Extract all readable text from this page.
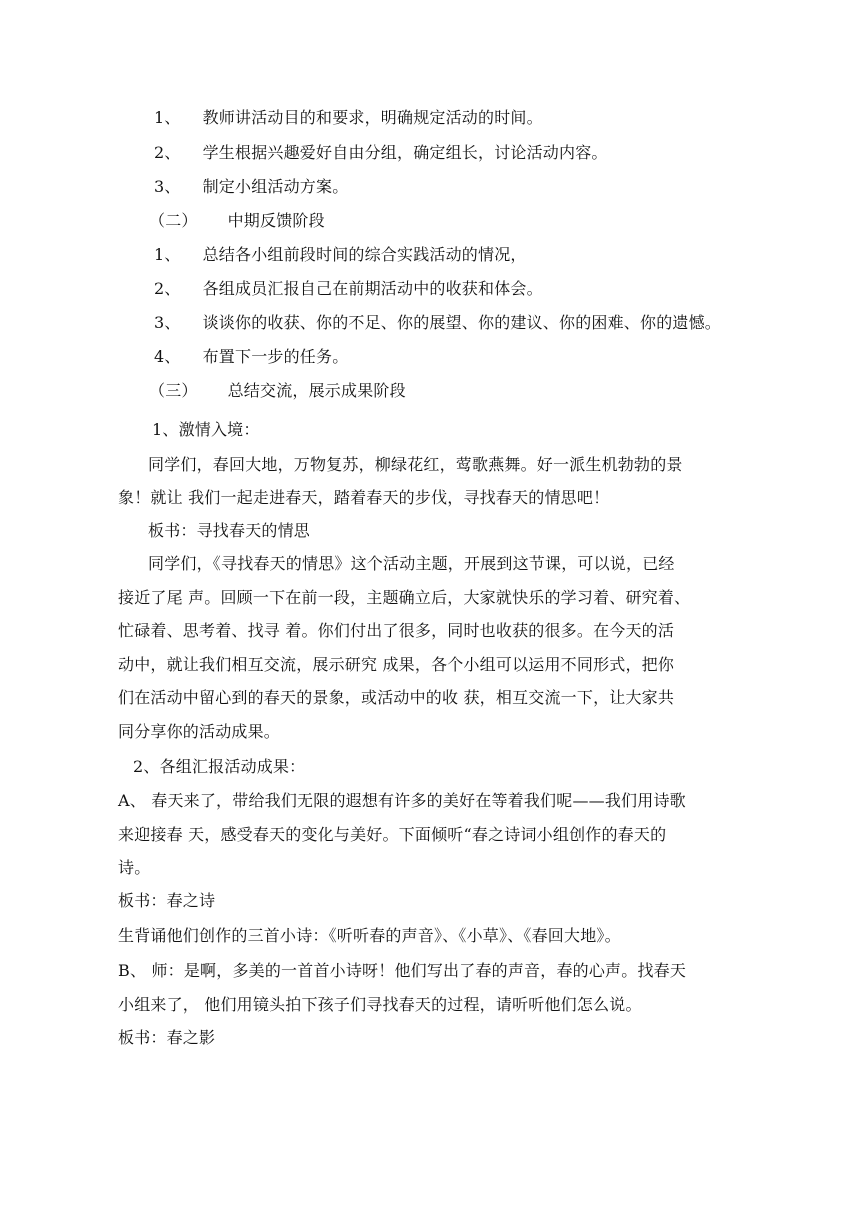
1、 教师讲活动目的和要求，明确规定活动的时间。
2、 学生根据兴趣爱好自由分组，确定组长，讨论活动内容。
3、 制定小组活动方案。
（二） 中期反馈阶段
1、 总结各小组前段时间的综合实践活动的情况，
2、 各组成员汇报自己在前期活动中的收获和体会。
3、 谈谈你的收获、你的不足、你的展望、你的建议、你的困难、你的遗憾。
4、 布置下一步的任务。
（三） 总结交流，展示成果阶段
1、激情入境：
同学们，春回大地，万物复苏，柳绿花红，莺歌燕舞。好一派生机勃勃的景
象！就让 我们一起走进春天，踏着春天的步伐，寻找春天的情思吧！
板书：寻找春天的情思
同学们，《寻找春天的情思》这个活动主题，开展到这节课，可以说，已经
接近了尾 声。回顾一下在前一段，主题确立后，大家就快乐的学习着、研究着、
忙碌着、思考着、找寻 着。你们付出了很多，同时也收获的很多。在今天的活
动中，就让我们相互交流，展示研究 成果，各个小组可以运用不同形式，把你
们在活动中留心到的春天的景象，或活动中的收 获，相互交流一下，让大家共
同分享你的活动成果。
2、各组汇报活动成果：
A、 春天来了，带给我们无限的遐想有许多的美好在等着我们呢——我们用诗歌
来迎接春 天，感受春天的变化与美好。下面倾听“春之诗词小组创作的春天的
诗。
板书：春之诗
生背诵他们创作的三首小诗：《听听春的声音》、《小草》、《春回大地》。
B、 师：是啊，多美的一首首小诗呀！他们写出了春的声音，春的心声。找春天
小组来了， 他们用镜头拍下孩子们寻找春天的过程，请听听他们怎么说。
板书：春之影
